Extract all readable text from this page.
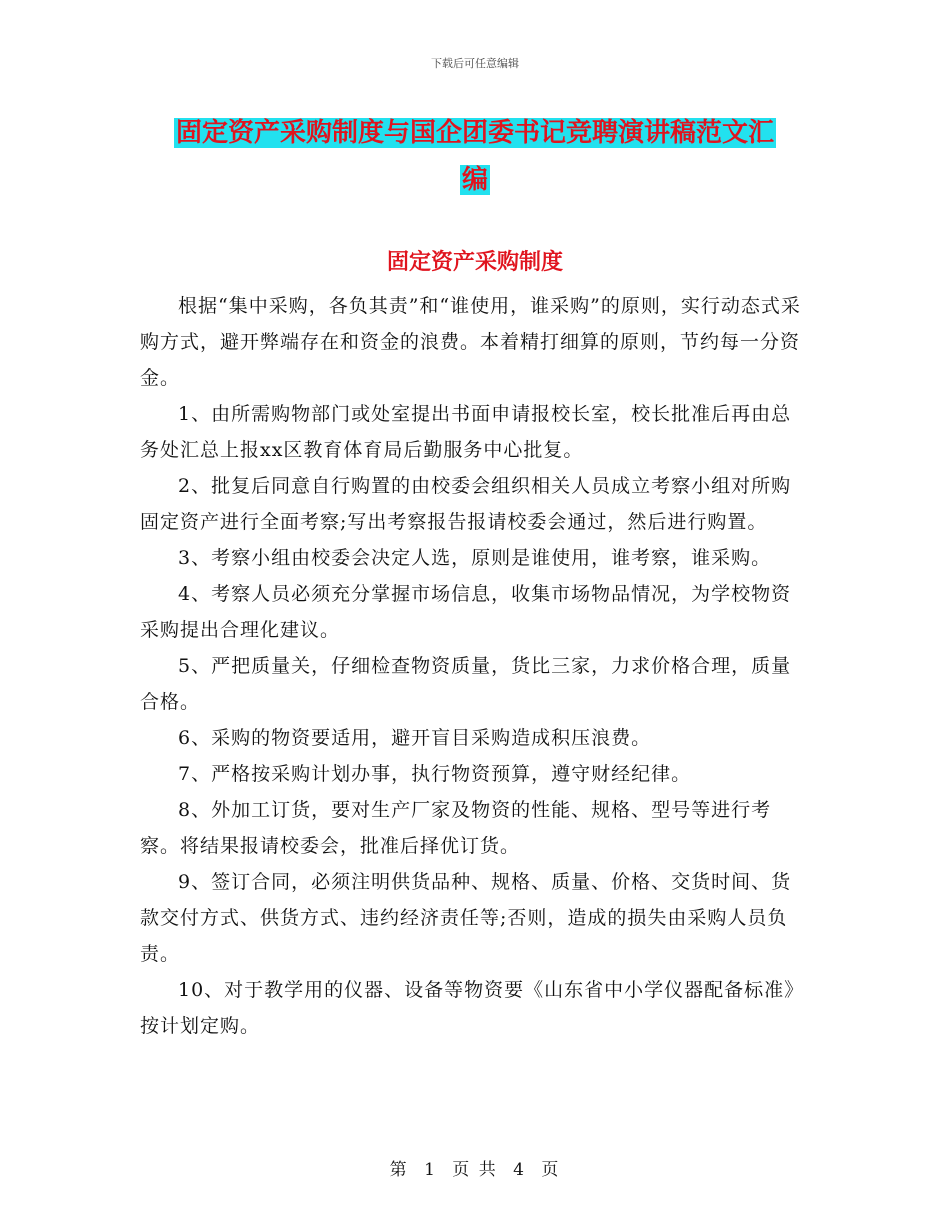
下载后可任意编辑
固定资产采购制度与国企团委书记竞聘演讲稿范文汇
编
固定资产采购制度

根据“集中采购，各负其责”和“谁使用，谁采购”的原则，实行动态式采购方式，避开弊端存在和资金的浪费。本着精打细算的原则，节约每一分资金。

1、由所需购物部门或处室提出书面申请报校长室，校长批准后再由总务处汇总上报xx区教育体育局后勤服务中心批复。

2、批复后同意自行购置的由校委会组织相关人员成立考察小组对所购固定资产进行全面考察;写出考察报告报请校委会通过，然后进行购置。

3、考察小组由校委会决定人选，原则是谁使用，谁考察，谁采购。

4、考察人员必须充分掌握市场信息，收集市场物品情况，为学校物资采购提出合理化建议。

5、严把质量关，仔细检查物资质量，货比三家，力求价格合理，质量合格。

6、采购的物资要适用，避开盲目采购造成积压浪费。

7、严格按采购计划办事，执行物资预算，遵守财经纪律。

8、外加工订货，要对生产厂家及物资的性能、规格、型号等进行考察。将结果报请校委会，批准后择优订货。

9、签订合同，必须注明供货品种、规格、质量、价格、交货时间、货款交付方式、供货方式、违约经济责任等;否则，造成的损失由采购人员负责。

10、对于教学用的仪器、设备等物资要《山东省中小学仪器配备标准》按计划定购。

第 1 页 共 4 页
